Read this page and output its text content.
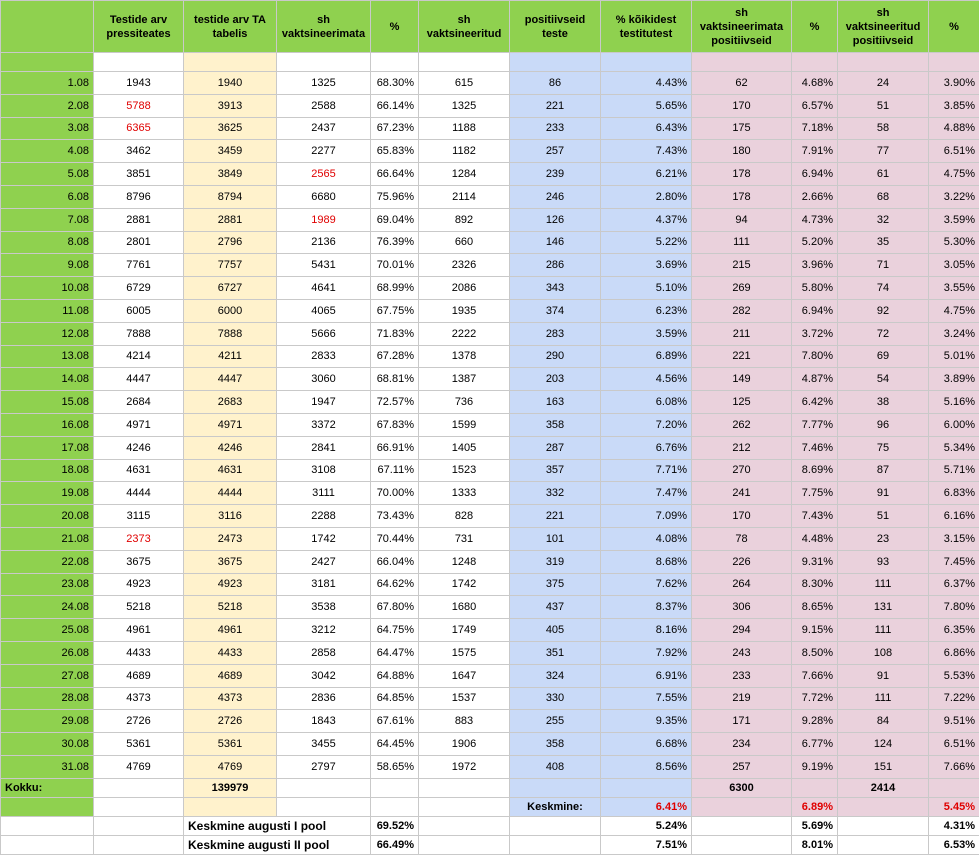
	Testide arv pressiteates	testide arv TA tabelis	sh vaktsineerimata	%	sh vaktsineeritud	positiivseid teste	% kõikidest testitutest	sh vaktsineerimata positiivseid	%	sh vaktsineeritud positiivseid	%

1.08	1943	1940	1325	68.30%	615	86	4.43%	62	4.68%	24	3.90%
2.08	5788	3913	2588	66.14%	1325	221	5.65%	170	6.57%	51	3.85%
3.08	6365	3625	2437	67.23%	1188	233	6.43%	175	7.18%	58	4.88%
4.08	3462	3459	2277	65.83%	1182	257	7.43%	180	7.91%	77	6.51%
5.08	3851	3849	2565	66.64%	1284	239	6.21%	178	6.94%	61	4.75%
6.08	8796	8794	6680	75.96%	2114	246	2.80%	178	2.66%	68	3.22%
7.08	2881	2881	1989	69.04%	892	126	4.37%	94	4.73%	32	3.59%
8.08	2801	2796	2136	76.39%	660	146	5.22%	111	5.20%	35	5.30%
9.08	7761	7757	5431	70.01%	2326	286	3.69%	215	3.96%	71	3.05%
10.08	6729	6727	4641	68.99%	2086	343	5.10%	269	5.80%	74	3.55%
11.08	6005	6000	4065	67.75%	1935	374	6.23%	282	6.94%	92	4.75%
12.08	7888	7888	5666	71.83%	2222	283	3.59%	211	3.72%	72	3.24%
13.08	4214	4211	2833	67.28%	1378	290	6.89%	221	7.80%	69	5.01%
14.08	4447	4447	3060	68.81%	1387	203	4.56%	149	4.87%	54	3.89%
15.08	2684	2683	1947	72.57%	736	163	6.08%	125	6.42%	38	5.16%
16.08	4971	4971	3372	67.83%	1599	358	7.20%	262	7.77%	96	6.00%
17.08	4246	4246	2841	66.91%	1405	287	6.76%	212	7.46%	75	5.34%
18.08	4631	4631	3108	67.11%	1523	357	7.71%	270	8.69%	87	5.71%
19.08	4444	4444	3111	70.00%	1333	332	7.47%	241	7.75%	91	6.83%
20.08	3115	3116	2288	73.43%	828	221	7.09%	170	7.43%	51	6.16%
21.08	2373	2473	1742	70.44%	731	101	4.08%	78	4.48%	23	3.15%
22.08	3675	3675	2427	66.04%	1248	319	8.68%	226	9.31%	93	7.45%
23.08	4923	4923	3181	64.62%	1742	375	7.62%	264	8.30%	111	6.37%
24.08	5218	5218	3538	67.80%	1680	437	8.37%	306	8.65%	131	7.80%
25.08	4961	4961	3212	64.75%	1749	405	8.16%	294	9.15%	111	6.35%
26.08	4433	4433	2858	64.47%	1575	351	7.92%	243	8.50%	108	6.86%
27.08	4689	4689	3042	64.88%	1647	324	6.91%	233	7.66%	91	5.53%
28.08	4373	4373	2836	64.85%	1537	330	7.55%	219	7.72%	111	7.22%
29.08	2726	2726	1843	67.61%	883	255	9.35%	171	9.28%	84	9.51%
30.08	5361	5361	3455	64.45%	1906	358	6.68%	234	6.77%	124	6.51%
31.08	4769	4769	2797	58.65%	1972	408	8.56%	257	9.19%	151	7.66%
Kokku:		139979						6300		2414	
						Keskmine:	6.41%		6.89%		5.45%
		Keskmine augusti I pool		69.52%			5.24%		5.69%		4.31%
		Keskmine augusti II pool		66.49%			7.51%		8.01%		6.53%
